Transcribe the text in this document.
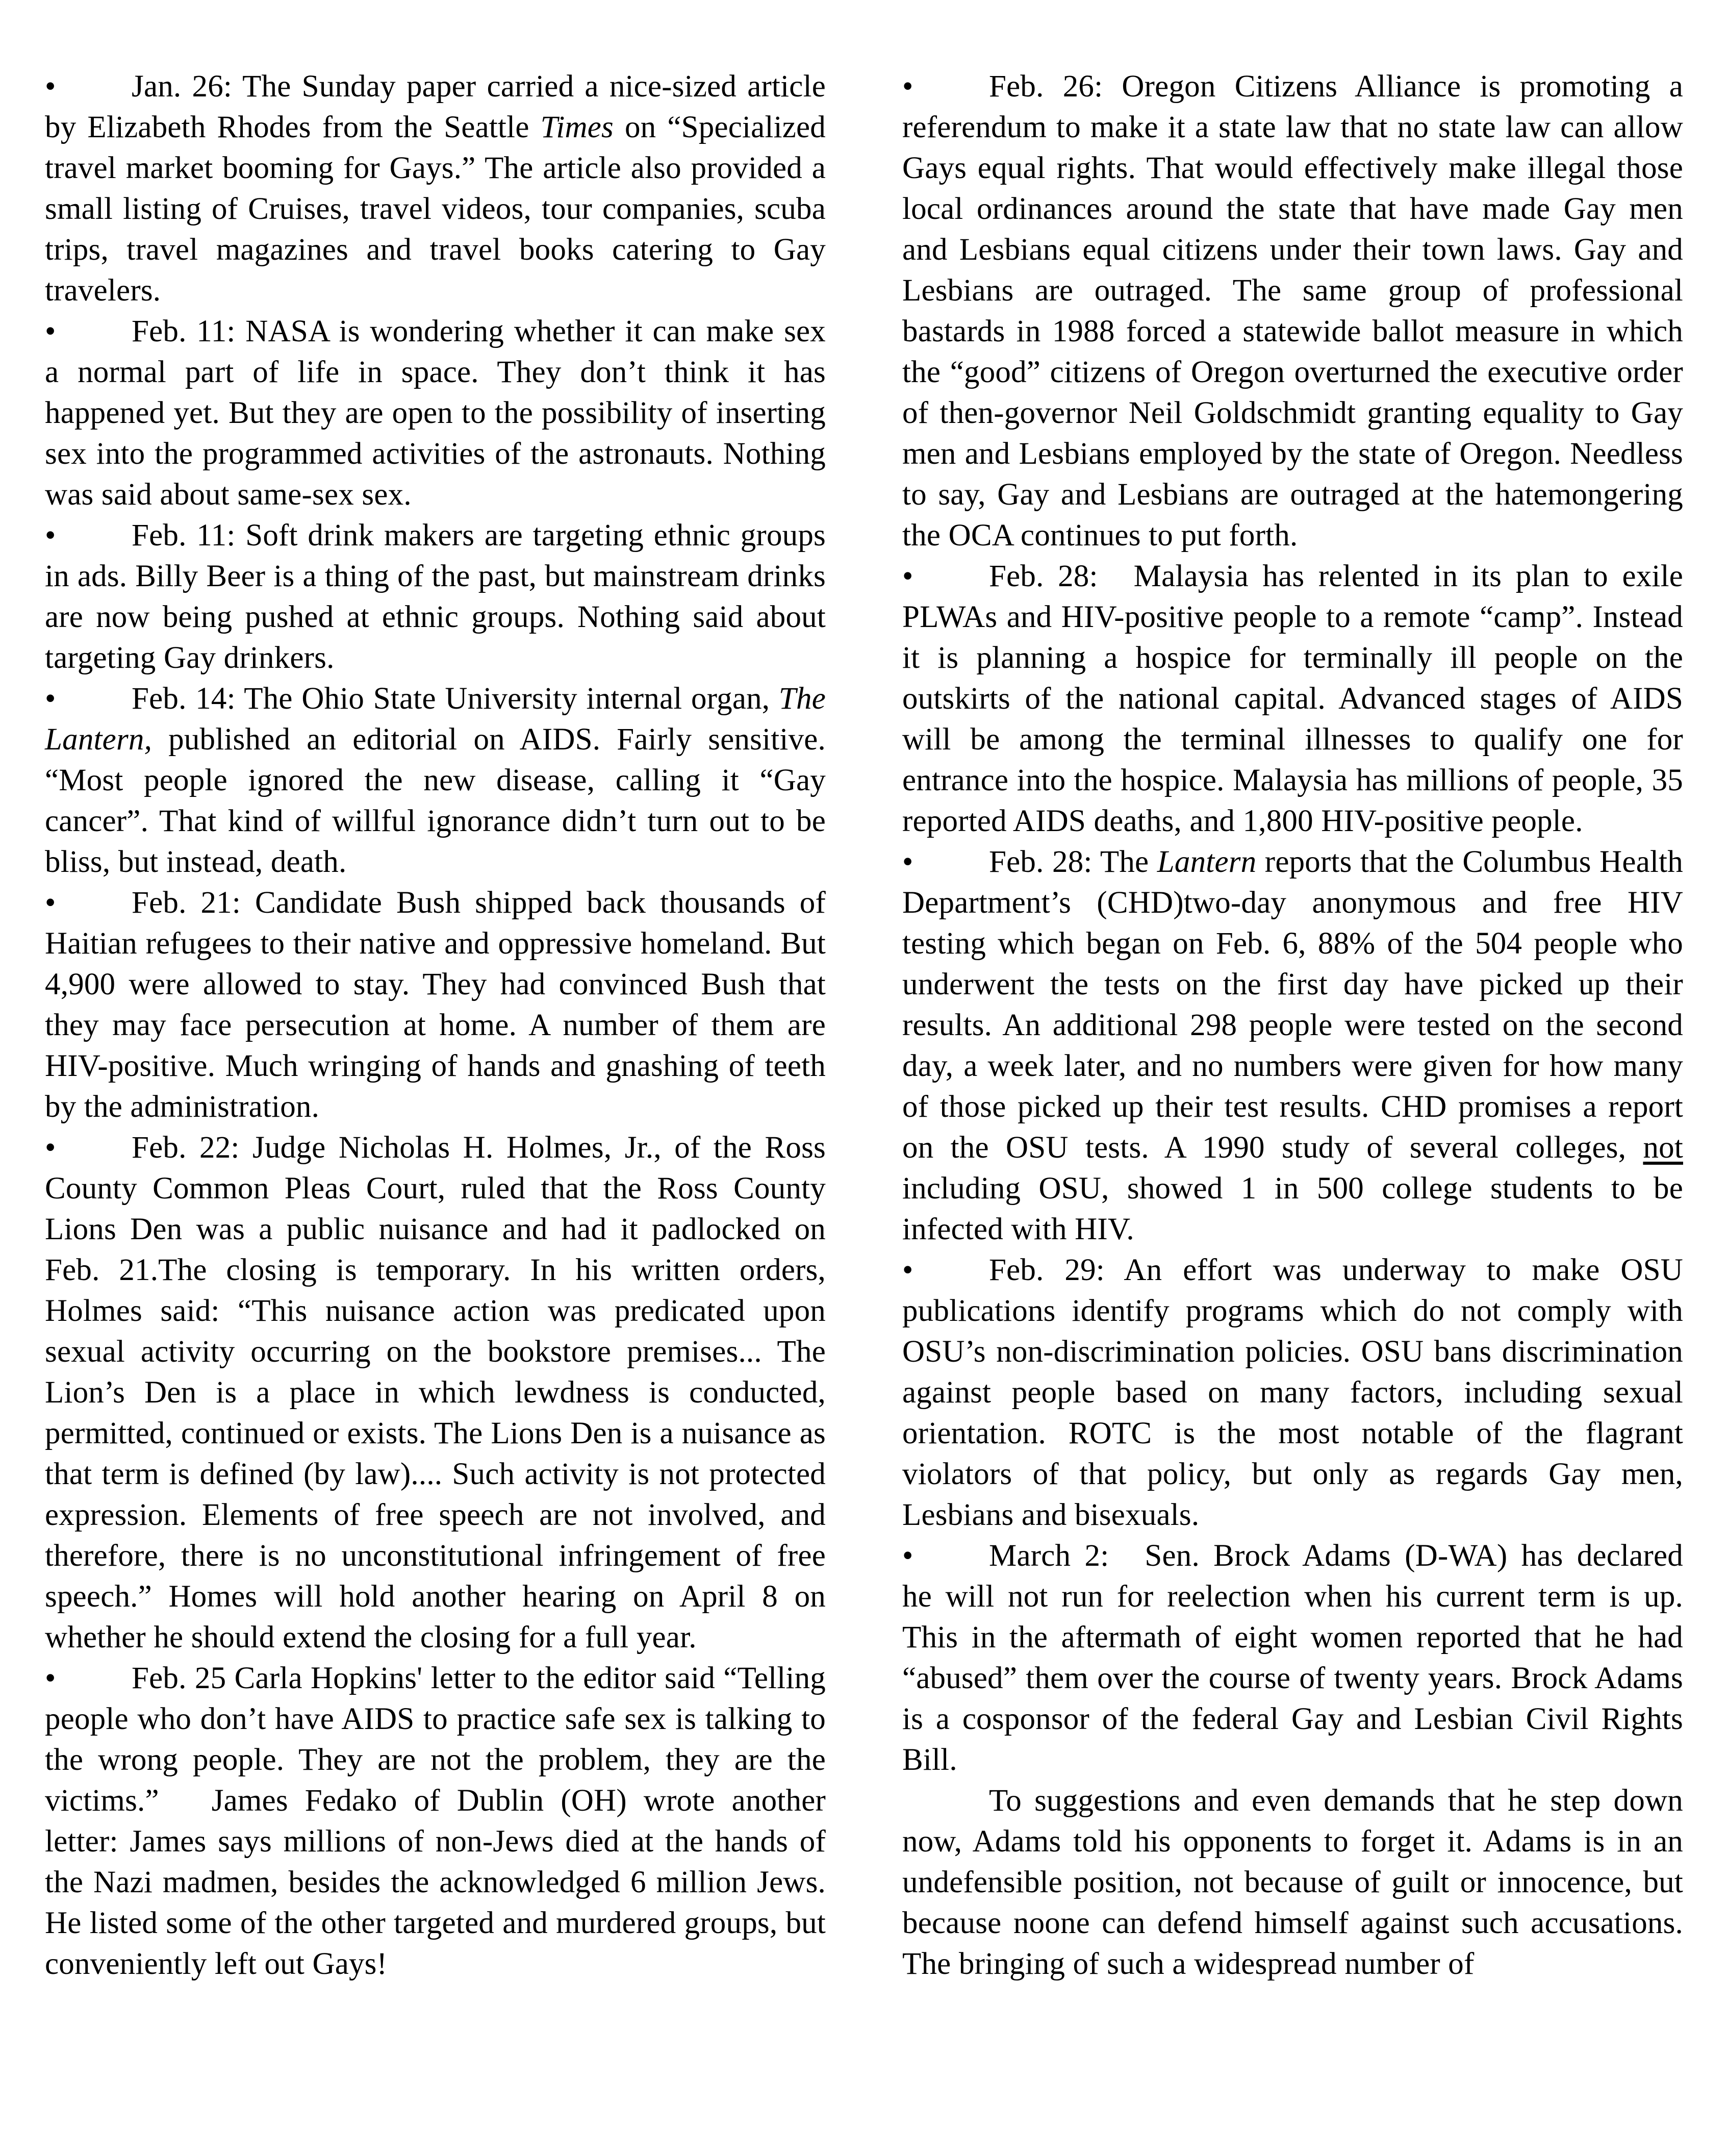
• Jan. 26: The Sunday paper carried a nice-sized article by Elizabeth Rhodes from the Seattle Times on “Specialized travel market booming for Gays.” The article also provided a small listing of Cruises, travel videos, tour companies, scuba trips, travel magazines and travel books catering to Gay travelers.

• Feb. 11: NASA is wondering whether it can make sex a normal part of life in space. They don’t think it has happened yet. But they are open to the possibility of inserting sex into the programmed activities of the astronauts. Nothing was said about same-sex sex.

• Feb. 11: Soft drink makers are targeting ethnic groups in ads. Billy Beer is a thing of the past, but mainstream drinks are now being pushed at ethnic groups. Nothing said about targeting Gay drinkers.

• Feb. 14: The Ohio State University internal organ, The Lantern, published an editorial on AIDS. Fairly sensitive. “Most people ignored the new disease, calling it “Gay cancer”. That kind of willful ignorance didn’t turn out to be bliss, but instead, death.

• Feb. 21: Candidate Bush shipped back thousands of Haitian refugees to their native and oppressive homeland. But 4,900 were allowed to stay. They had convinced Bush that they may face persecution at home. A number of them are HIV-positive. Much wringing of hands and gnashing of teeth by the administration.

• Feb. 22: Judge Nicholas H. Holmes, Jr., of the Ross County Common Pleas Court, ruled that the Ross County Lions Den was a public nuisance and had it padlocked on Feb. 21.The closing is temporary. In his written orders, Holmes said: “This nuisance action was predicated upon sexual activity occurring on the bookstore premises... The Lion’s Den is a place in which lewdness is conducted, permitted, continued or exists. The Lions Den is a nuisance as that term is defined (by law).... Such activity is not protected expression. Elements of free speech are not involved, and therefore, there is no unconstitutional infringement of free speech.” Homes will hold another hearing on April 8 on whether he should extend the closing for a full year.

• Feb. 25 Carla Hopkins' letter to the editor said “Telling people who don’t have AIDS to practice safe sex is talking to the wrong people. They are not the problem, they are the victims.” James Fedako of Dublin (OH) wrote another letter: James says millions of non-Jews died at the hands of the Nazi madmen, besides the acknowledged 6 million Jews. He listed some of the other targeted and murdered groups, but conveniently left out Gays!

• Feb. 26: Oregon Citizens Alliance is promoting a referendum to make it a state law that no state law can allow Gays equal rights. That would effectively make illegal those local ordinances around the state that have made Gay men and Lesbians equal citizens under their town laws. Gay and Lesbians are outraged. The same group of professional bastards in 1988 forced a statewide ballot measure in which the “good” citizens of Oregon overturned the executive order of then-governor Neil Goldschmidt granting equality to Gay men and Lesbians employed by the state of Oregon. Needless to say, Gay and Lesbians are outraged at the hatemongering the OCA continues to put forth.

• Feb. 28: Malaysia has relented in its plan to exile PLWAs and HIV-positive people to a remote “camp”. Instead it is planning a hospice for terminally ill people on the outskirts of the national capital. Advanced stages of AIDS will be among the terminal illnesses to qualify one for entrance into the hospice. Malaysia has millions of people, 35 reported AIDS deaths, and 1,800 HIV-positive people.

• Feb. 28: The Lantern reports that the Columbus Health Department’s (CHD)two-day anonymous and free HIV testing which began on Feb. 6, 88% of the 504 people who underwent the tests on the first day have picked up their results. An additional 298 people were tested on the second day, a week later, and no numbers were given for how many of those picked up their test results. CHD promises a report on the OSU tests. A 1990 study of several colleges, not including OSU, showed 1 in 500 college students to be infected with HIV.

• Feb. 29: An effort was underway to make OSU publications identify programs which do not comply with OSU’s non-discrimination policies. OSU bans discrimination against people based on many factors, including sexual orientation. ROTC is the most notable of the flagrant violators of that policy, but only as regards Gay men, Lesbians and bisexuals.

• March 2: Sen. Brock Adams (D-WA) has declared he will not run for reelection when his current term is up. This in the aftermath of eight women reported that he had “abused” them over the course of twenty years. Brock Adams is a cosponsor of the federal Gay and Lesbian Civil Rights Bill.

To suggestions and even demands that he step down now, Adams told his opponents to forget it. Adams is in an undefensible position, not because of guilt or innocence, but because noone can defend himself against such accusations. The bringing of such a widespread number of
